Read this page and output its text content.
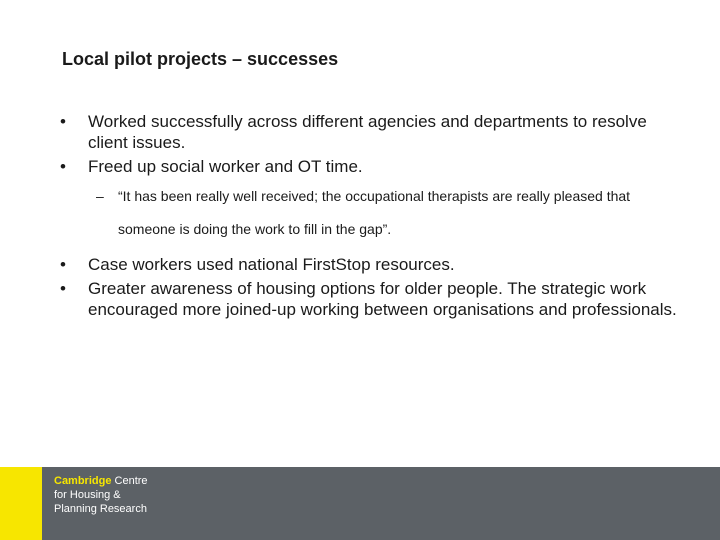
Local pilot projects – successes
•	Worked successfully across different agencies and departments to resolve client issues.
•	Freed up social worker and OT time.
– “It has been really well received; the occupational therapists are really pleased that someone is doing the work to fill in the gap”.
•	Case workers used national FirstStop resources.
•	Greater awareness of housing options for older people. The strategic work encouraged more joined-up working between organisations and professionals.
Cambridge Centre
for Housing &
Planning Research
